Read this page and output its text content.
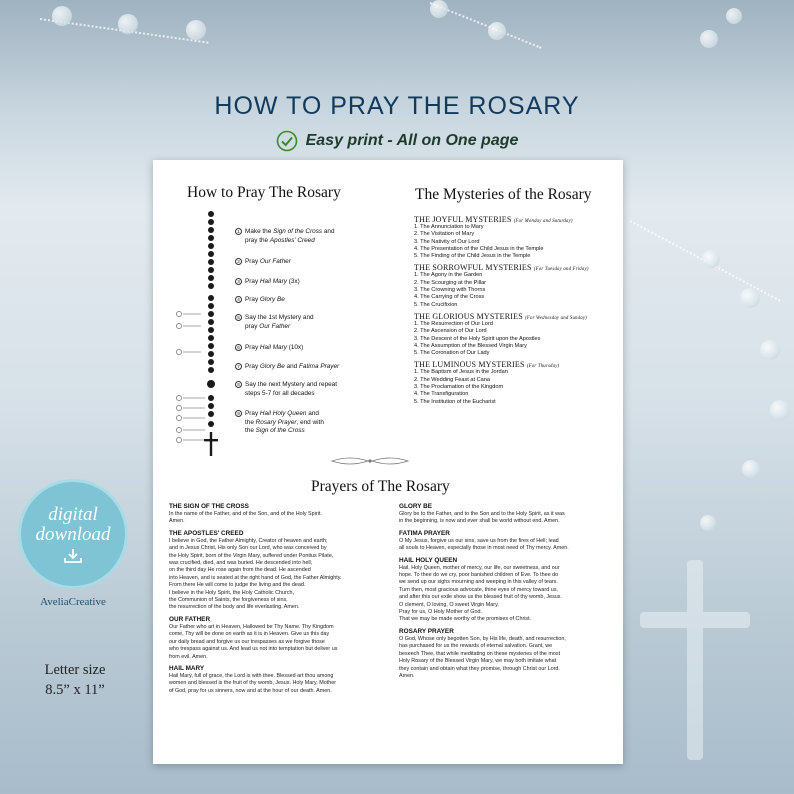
HOW TO PRAY THE ROSARY
Easy print - All on One page
How to Pray The Rosary
1 Make the Sign of the Cross and
pray the Apostles' Creed
2 Pray Our Father
3 Pray Hail Mary (3x)
4 Pray Glory Be
5 Say the 1st Mystery and
pray Our Father
6 Pray Hail Mary (10x)
7 Pray Glory Be and Fatima Prayer
8 Say the next Mystery and repeat
steps 5-7 for all decades
9 Pray Hail Holy Queen and
the Rosary Prayer, end with
the Sign of the Cross
The Mysteries of the Rosary
THE JOYFUL MYSTERIES (For Monday and Saturday)
1. The Annunciation to Mary
2. The Visitation of Mary
3. The Nativity of Our Lord
4. The Presentation of the Child Jesus in the Temple
5. The Finding of the Child Jesus in the Temple
THE SORROWFUL MYSTERIES (For Tuesday and Friday)
1. The Agony in the Garden
2. The Scourging at the Pillar
3. The Crowning with Thorns
4. The Carrying of the Cross
5. The Crucifixion
THE GLORIOUS MYSTERIES (For Wednesday and Sunday)
1. The Resurrection of Our Lord
2. The Ascension of Our Lord
3. The Descent of the Holy Spirit upon the Apostles
4. The Assumption of the Blessed Virgin Mary
5. The Coronation of Our Lady
THE LUMINOUS MYSTERIES (For Thursday)
1. The Baptism of Jesus in the Jordan
2. The Wedding Feast at Cana
3. The Proclamation of the Kingdom
4. The Transfiguration
5. The Institution of the Eucharist
Prayers of The Rosary
THE SIGN OF THE CROSS
In the name of the Father, and of the Son, and of the Holy Spirit.
Amen.
THE APOSTLES' CREED
I believe in God, the Father Almighty, Creator of heaven and earth;
and in Jesus Christ, His only Son our Lord, who was conceived by
the Holy Spirit, born of the Virgin Mary, suffered under Pontius Pilate,
was crucified, died, and was buried. He descended into hell,
on the third day He rose again from the dead. He ascended
into Heaven, and is seated at the right hand of God, the Father Almighty.
From there He will come to judge the living and the dead.
I believe in the Holy Spirit, the Holy Catholic Church,
the Communion of Saints, the forgiveness of sins,
the resurrection of the body and life everlasting. Amen.
OUR FATHER
Our Father who art in Heaven, Hallowed be Thy Name. Thy Kingdom
come, Thy will be done on earth as it is in Heaven. Give us this day
our daily bread and forgive us our trespasses as we forgive those
who trespass against us. And lead us not into temptation but deliver us
from evil. Amen.
HAIL MARY
Hail Mary, full of grace, the Lord is with thee. Blessed art thou among
women and blessed is the fruit of thy womb, Jesus. Holy Mary, Mother
of God, pray for us sinners, now and at the hour of our death. Amen.
GLORY BE
Glory be to the Father, and to the Son and to the Holy Spirit, as it was
in the beginning, is now and ever shall be world without end. Amen.
FATIMA PRAYER
O My Jesus, forgive us our sins, save us from the fires of Hell; lead
all souls to Heaven, especially those in most need of Thy mercy. Amen.
HAIL HOLY QUEEN
Hail, Holy Queen, mother of mercy, our life, our sweetness, and our
hope. To thee do we cry, poor banished children of Eve. To thee do
we send up our sighs mourning and weeping in this valley of tears.
Turn then, most gracious advocate, thine eyes of mercy toward us,
and after this our exile show us the blessed fruit of thy womb, Jesus.
O clement, O loving, O sweet Virgin Mary.
Pray for us, O Holy Mother of God.
That we may be made worthy of the promises of Christ.
ROSARY PRAYER
O God, Whose only begotten Son, by His life, death, and resurrection,
has purchased for us the rewards of eternal salvation. Grant, we
beseech Thee, that while meditating on these mysteries of the most
Holy Rosary of the Blessed Virgin Mary, we may both imitate what
they contain and obtain what they promise, through Christ our Lord.
Amen.
digital
download
AveliaCreative
Letter size
8.5” x 11”
